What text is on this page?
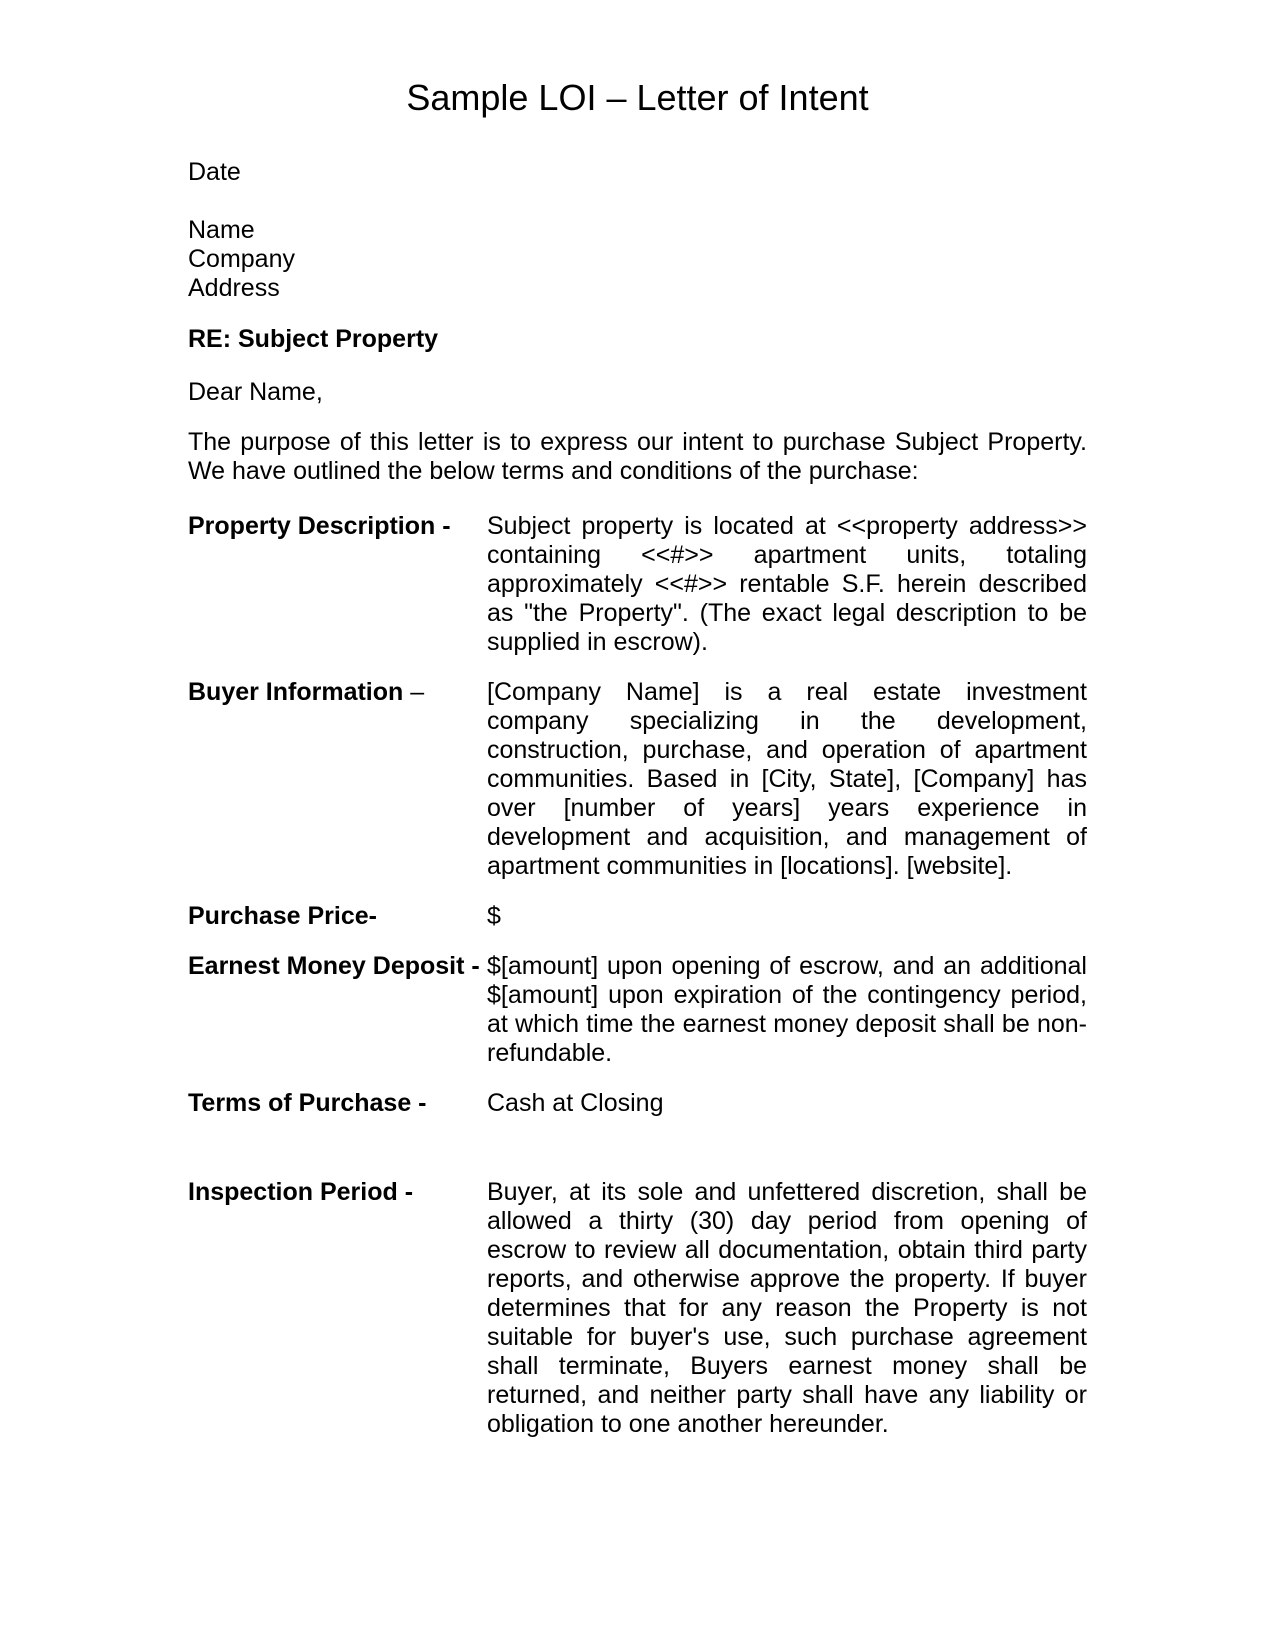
Sample LOI – Letter of Intent
Date
Name
Company
Address
RE: Subject Property
Dear Name,
The purpose of this letter is to express our intent to purchase Subject Property. We have outlined the below terms and conditions of the purchase:
Property Description -	Subject property is located at <<property address>> containing <<#>> apartment units, totaling approximately <<#>> rentable S.F. herein described as "the Property". (The exact legal description to be supplied in escrow).
Buyer Information –	[Company Name] is a real estate investment company specializing in the development, construction, purchase, and operation of apartment communities. Based in [City, State], [Company] has over [number of years] years experience in development and acquisition, and management of apartment communities in [locations]. [website].
Purchase Price-	$
Earnest Money Deposit - $[amount] upon opening of escrow, and an additional $[amount] upon expiration of the contingency period, at which time the earnest money deposit shall be non-refundable.
Terms of Purchase -	Cash at Closing
Inspection Period -	Buyer, at its sole and unfettered discretion, shall be allowed a thirty (30) day period from opening of escrow to review all documentation, obtain third party reports, and otherwise approve the property. If buyer determines that for any reason the Property is not suitable for buyer's use, such purchase agreement shall terminate, Buyers earnest money shall be returned, and neither party shall have any liability or obligation to one another hereunder.
